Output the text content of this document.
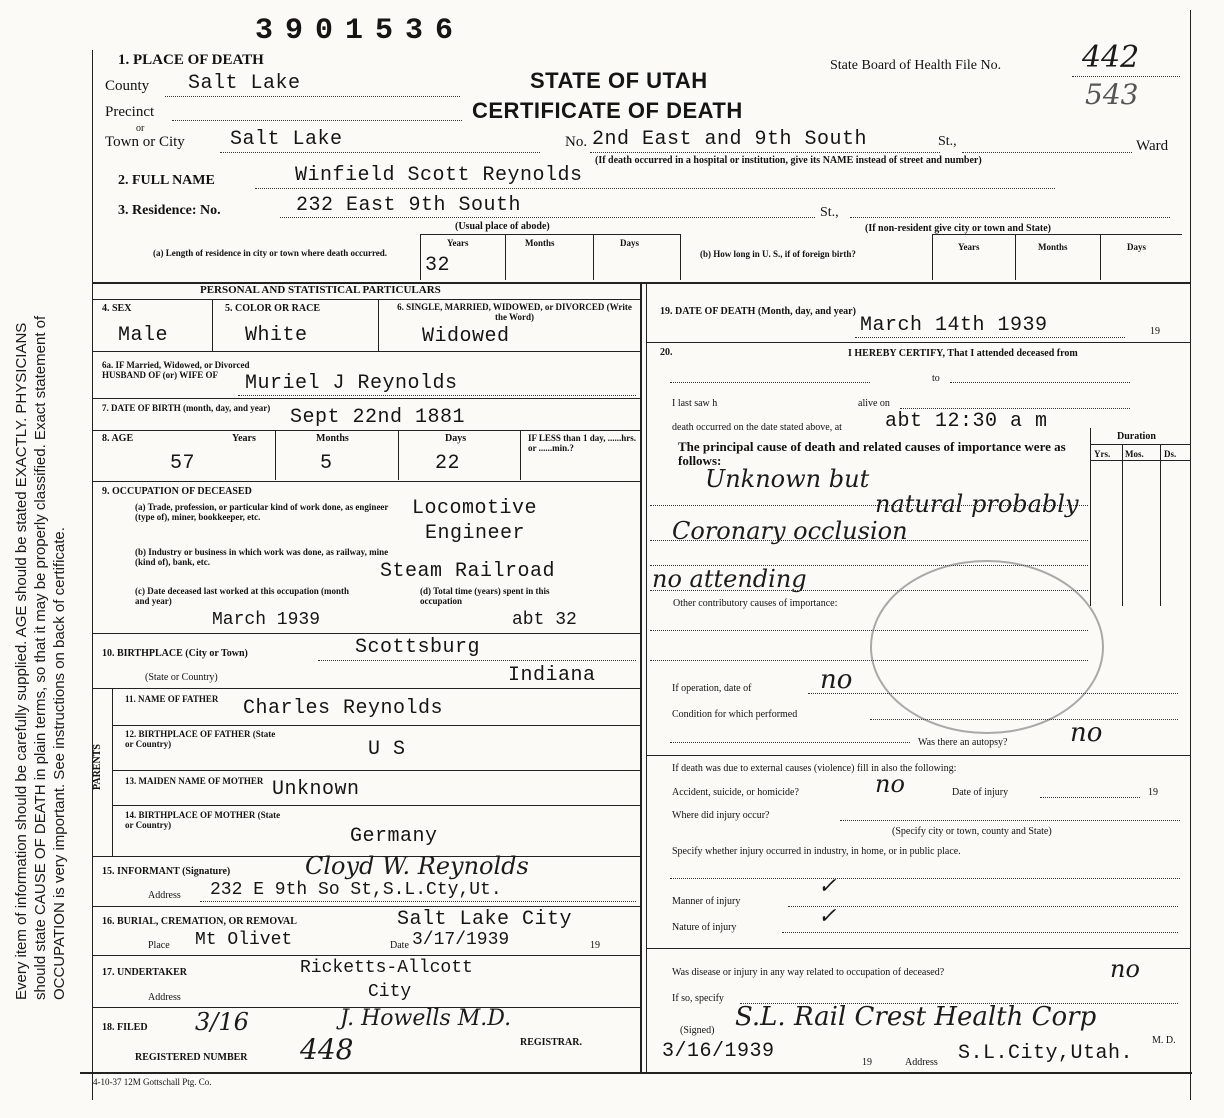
3901536
Every item of information should be carefully supplied. AGE should be stated EXACTLY. PHYSICIANS should state CAUSE OF DEATH in plain terms, so that it may be properly classified. Exact statement of OCCUPATION is very important. See instructions on back of certificate.
1. PLACE OF DEATH
STATE OF UTAH
CERTIFICATE OF DEATH
State Board of Health File No.	442
543
County Salt Lake
Precinct
or
Town or City Salt Lake	No. 2nd East and 9th South	St.,	Ward
(If death occurred in a hospital or institution, give its NAME instead of street and number)
2. FULL NAME	Winfield Scott Reynolds
3. Residence: No.	232 East 9th South	St.,
(Usual place of abode)	(If non-resident give city or town and State)
(a) Length of residence in city or town where death occurred.
Years	Months	Days
32	(b) How long in U. S., if of foreign birth?
Years	Months	Days
PERSONAL AND STATISTICAL PARTICULARS
4. SEX
Male
5. COLOR OR RACE
White
6. SINGLE, MARRIED, WIDOWED, or DIVORCED (Write the Word)
Widowed
6a. IF Married, Widowed, or Divorced HUSBAND OF (or) WIFE OF	Muriel J Reynolds
7. DATE OF BIRTH (month, day, and year) Sept 22nd 1881
8. AGE	Years	Months	Days	IF LESS than 1 day, ......hrs. or ......min.?
57	5	22
9. OCCUPATION OF DECEASED
(a) Trade, profession, or particular kind of work done, as engineer (type of), miner, bookkeeper, etc.	Locomotive
Engineer
(b) Industry or business in which work was done, as railway, mine (kind of), bank, etc.	Steam Railroad
(c) Date deceased last worked at this occupation (month and year)
March 1939
(d) Total time (years) spent in this occupation
abt 32
10. BIRTHPLACE (City or Town)	Scottsburg
(State or Country)	Indiana
PARENTS
11. NAME OF FATHER	Charles Reynolds
12. BIRTHPLACE OF FATHER (State or Country)	U S
13. MAIDEN NAME OF MOTHER Unknown
14. BIRTHPLACE OF MOTHER (State or Country)	Germany
15. INFORMANT (Signature)	Cloyd W. Reynolds
Address 232 E 9th So St,S.L.Cty,Ut.
16. BURIAL, CREMATION, OR REMOVAL	Salt Lake City
Place Mt Olivet	Date 3/17/1939	19
17. UNDERTAKER	Ricketts-Allcott
Address	City
18. FILED 3/16	J. Howells M.D.
REGISTRAR.
REGISTERED NUMBER 448
19. DATE OF DEATH (Month, day, and year)
March 14th 1939	19
20.	I HEREBY CERTIFY, That I attended deceased from
to
I last saw h	alive on
death occurred on the date stated above, at abt 12:30 a m
Duration
Yrs. Mos. Ds.
The principal cause of death and related causes of importance were as follows:
Unknown but
natural probably
Coronary occlusion
no attending
Other contributory causes of importance:
If operation, date of	no
Condition for which performed
Was there an autopsy? no
If death was due to external causes (violence) fill in also the following:
Accident, suicide, or homicide?	no	Date of injury	19
Where did injury occur?
(Specify city or town, county and State)
Specify whether injury occurred in industry, in home, or in public place.
Manner of injury
✓
Nature of injury	✓
Was disease or injury in any way related to occupation of deceased?	no
If so, specify
(Signed) S.L. Rail Crest Health Corp
M. D.
3/16/1939	19	Address S.L.City,Utah.
4-10-37 12M Gottschall Ptg. Co.
